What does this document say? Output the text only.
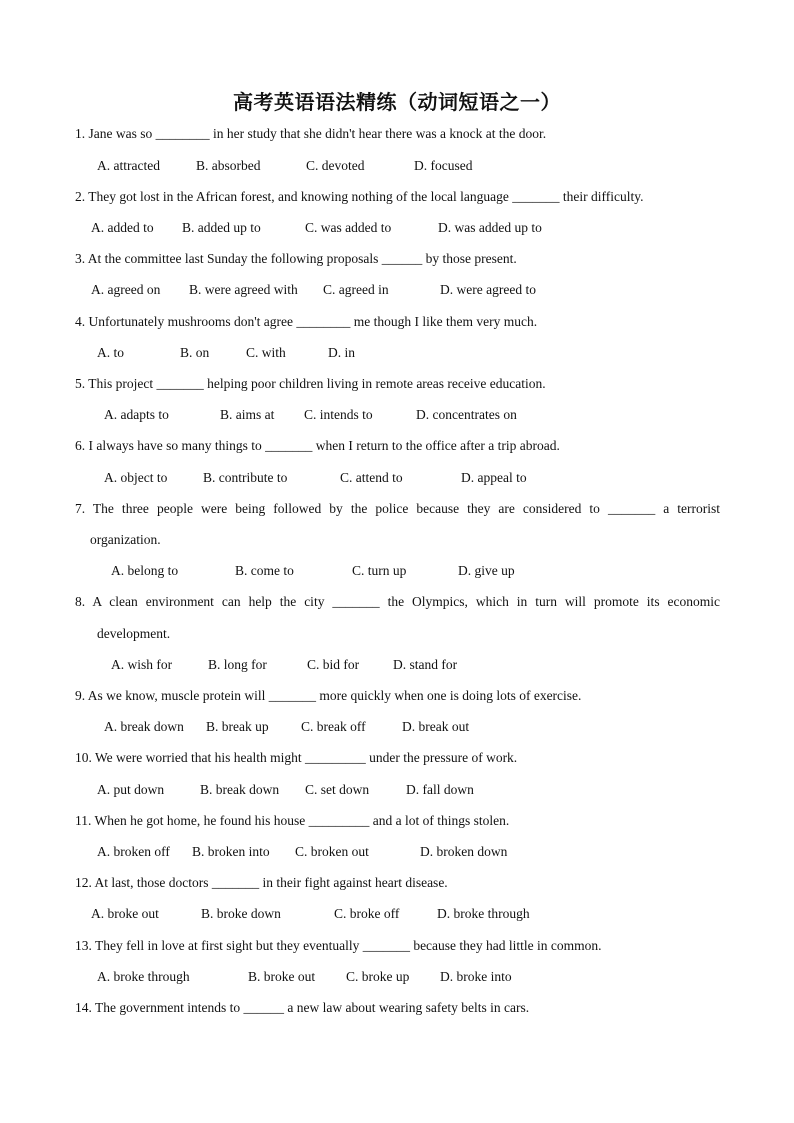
高考英语语法精练（动词短语之一）
1. Jane was so ________ in her study that she didn't hear there was a knock at the door.
A. attracted	B. absorbed	C. devoted	D. focused
2. They got lost in the African forest, and knowing nothing of the local language _______ their difficulty.
A. added to B. added up to	C. was added to	D. was added up to
3. At the committee last Sunday the following proposals ______ by those present.
A. agreed on B. were agreed with C. agreed in	D. were agreed to
4. Unfortunately mushrooms don't agree ________ me though I like them very much.
A. to	B. on	C. with	D. in
5. This project _______ helping poor children living in remote areas receive education.
A. adapts to	B. aims at C. intends to	D. concentrates on
6. I always have so many things to _______ when I return to the office after a trip abroad.
A. object to	B. contribute to	C. attend to	D. appeal to
7. The three people were being followed by the police because they are considered to _______ a terrorist
organization.
A. belong to	B. come to	C. turn up	D. give up
8. A clean environment can help the city _______ the Olympics, which in turn will promote its economic
development.
A. wish for	B. long for	C. bid for	D. stand for
9. As we know, muscle protein will _______ more quickly when one is doing lots of exercise.
A. break down B. break up C. break off	D. break out
10. We were worried that his health might _________ under the pressure of work.
A. put down	B. break down C. set down	D. fall down
11. When he got home, he found his house _________ and a lot of things stolen.
A. broken off B. broken into C. broken out	D. broken down
12. At last, those doctors _______ in their fight against heart disease.
A. broke out	B. broke down	C. broke off	D. broke through
13. They fell in love at first sight but they eventually _______ because they had little in common.
A. broke through	B. broke out C. broke up D. broke into
14. The government intends to ______ a new law about wearing safety belts in cars.
